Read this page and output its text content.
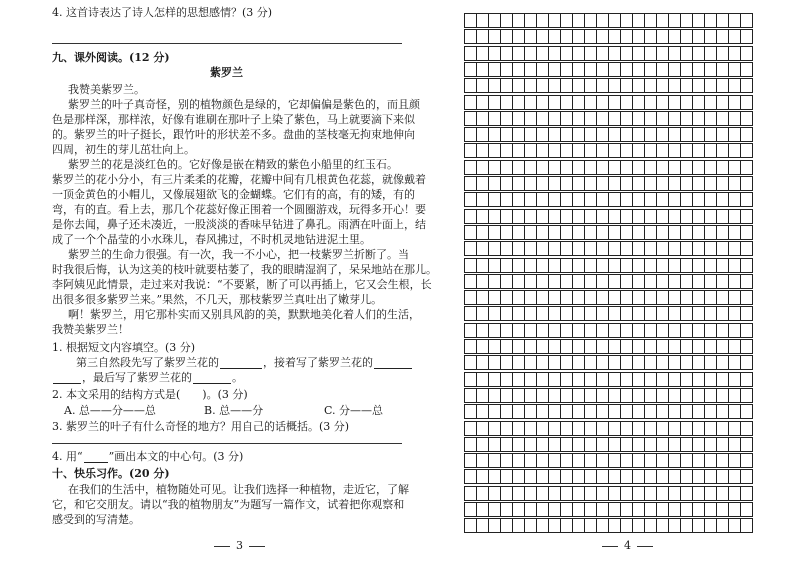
4. 这首诗表达了诗人怎样的思想感情？(3 分)
九、课外阅读。(12 分)
紫罗兰
我赞美紫罗兰。
紫罗兰的叶子真奇怪，别的植物颜色是绿的，它却偏偏是紫色的，而且颜
色是那样深，那样浓，好像有谁刷在那叶子上染了紫色，马上就要滴下来似
的。紫罗兰的叶子挺长，跟竹叶的形状差不多。盘曲的茎枝毫无拘束地伸向
四周，初生的芽儿茁壮向上。
紫罗兰的花是淡红色的。它好像是嵌在精致的紫色小船里的红玉石。
紫罗兰的花小分小，有三片柔柔的花瓣，花瓣中间有几根黄色花蕊，就像戴着
一顶金黄色的小帽儿，又像展翅欲飞的金蝴蝶。它们有的高，有的矮，有的
弯，有的直。看上去，那几个花蕊好像正围着一个圆圈游戏，玩得多开心！要
是你去闻，鼻子还未凑近，一股淡淡的香味早钻进了鼻孔。雨洒在叶面上，结
成了一个个晶莹的小水珠儿，春风拂过，不时机灵地钻进泥土里。
紫罗兰的生命力很强。有一次，我一不小心，把一枝紫罗兰折断了。当
时我很后悔，认为这美的枝叶就要枯萎了，我的眼睛湿润了，呆呆地站在那儿。
李阿姨见此情景，走过来对我说：“不要紧，断了可以再插上，它又会生根，长
出很多很多紫罗兰来。”果然，不几天，那枝紫罗兰真吐出了嫩芽儿。
啊！紫罗兰，用它那朴实而又别具风韵的美，默默地美化着人们的生活，
我赞美紫罗兰！
1. 根据短文内容填空。(3 分)
第三自然段先写了紫罗兰花的	，接着写了紫罗兰花的
，最后写了紫罗兰花的	。
2. 本文采用的结构方式是(　　)。(3 分)
A. 总——分——总	B. 总——分	C. 分——总
3. 紫罗兰的叶子有什么奇怪的地方？用自己的话概括。(3 分)
4. 用“ ”画出本文的中心句。(3 分)
十、快乐习作。(20 分)
在我们的生活中，植物随处可见。让我们选择一种植物，走近它，了解
它，和它交朋友。请以“我的植物朋友”为题写一篇作文，试着把你观察和
感受到的写清楚。
3	4
